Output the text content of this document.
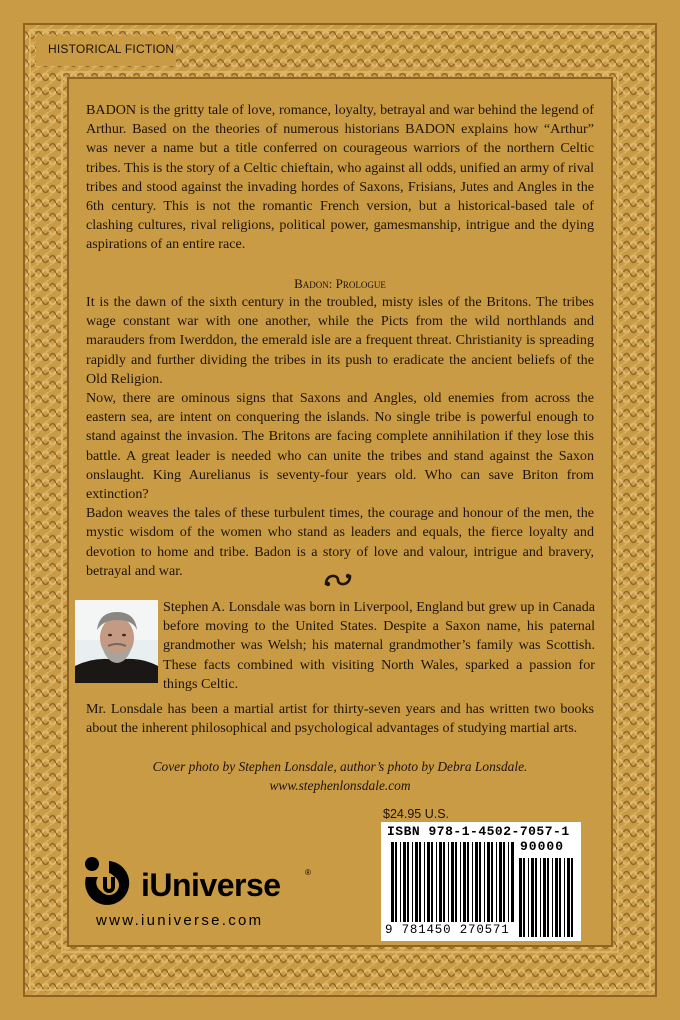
HISTORICAL FICTION

BADON is the gritty tale of love, romance, loyalty, betrayal and war behind the legend of Arthur. Based on the theories of numerous historians BADON explains how “Arthur” was never a name but a title conferred on courageous warriors of the northern Celtic tribes. This is the story of a Celtic chieftain, who against all odds, unified an army of rival tribes and stood against the invading hordes of Saxons, Frisians, Jutes and Angles in the 6th century. This is not the romantic French version, but a historical-based tale of clashing cultures, rival religions, political power, gamesmanship, intrigue and the dying aspirations of an entire race.

Badon: Prologue

It is the dawn of the sixth century in the troubled, misty isles of the Britons. The tribes wage constant war with one another, while the Picts from the wild northlands and marauders from Iwerddon, the emerald isle are a frequent threat. Christianity is spreading rapidly and further dividing the tribes in its push to eradicate the ancient beliefs of the Old Religion.

Now, there are ominous signs that Saxons and Angles, old enemies from across the eastern sea, are intent on conquering the islands. No single tribe is powerful enough to stand against the invasion. The Britons are facing complete annihilation if they lose this battle. A great leader is needed who can unite the tribes and stand against the Saxon onslaught. King Aurelianus is seventy-four years old. Who can save Briton from extinction?

Badon weaves the tales of these turbulent times, the courage and honour of the men, the mystic wisdom of the women who stand as leaders and equals, the fierce loyalty and devotion to home and tribe. Badon is a story of love and valour, intrigue and bravery, betrayal and war.

Stephen A. Lonsdale was born in Liverpool, England but grew up in Canada before moving to the United States. Despite a Saxon name, his paternal grandmother was Welsh; his maternal grandmother’s family was Scottish. These facts combined with visiting North Wales, sparked a passion for things Celtic.

Mr. Lonsdale has been a martial artist for thirty-seven years and has written two books about the inherent philosophical and psychological advantages of studying martial arts.

Cover photo by Stephen Lonsdale, author’s photo by Debra Lonsdale.
www.stephenlonsdale.com
$24.95 U.S.
ISBN 978-1-4502-7057-1
90000
9 781450 270571
iUniverse	®
www.iuniverse.com
